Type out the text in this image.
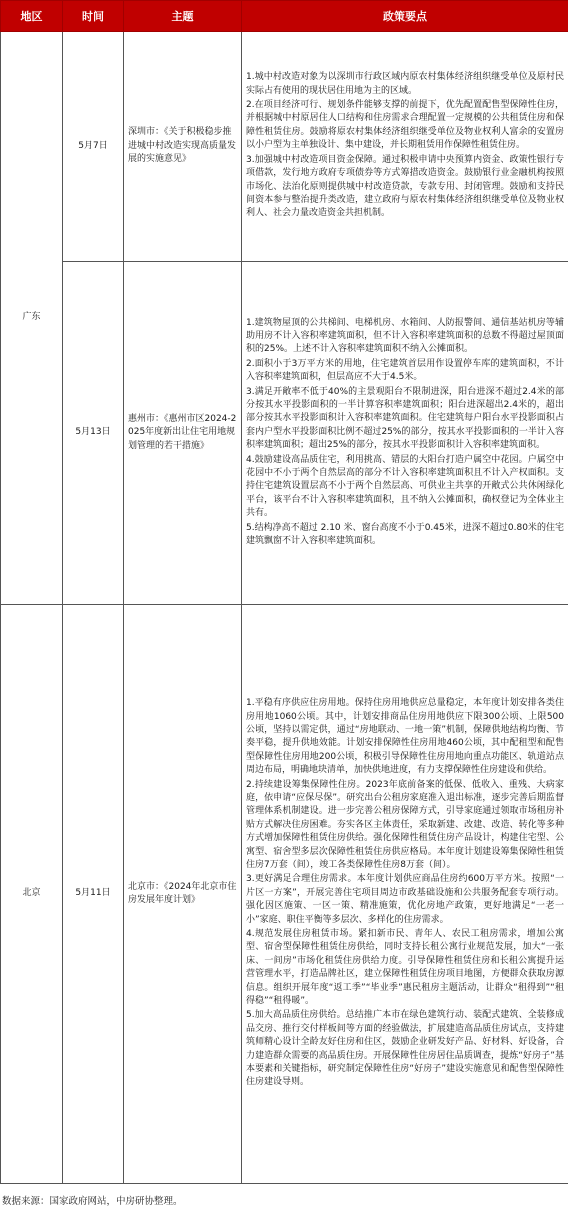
地区	时间	主题	政策要点
广东	5月7日	深圳市：《关于积极稳步推进城中村改造实现高质量发展的实施意见》	1.城中村改造对象为以深圳市行政区域内原农村集体经济组织继受单位及原村民实际占有使用的现状居住用地为主的区域。
2.在项目经济可行、规划条件能够支撑的前提下，优先配置配售型保障性住房，并根据城中村原居住人口结构和住房需求合理配置一定规模的公共租赁住房和保障性租赁住房。鼓励将原农村集体经济组织继受单位及物业权利人富余的安置房以小户型为主单独设计、集中建设，并长期租赁用作保障性租赁住房。
3.加强城中村改造项目资金保障。通过积极申请中央预算内资金、政策性银行专项借款，发行地方政府专项债券等方式筹措改造资金。鼓励银行业金融机构按照市场化、法治化原则提供城中村改造贷款，专款专用、封闭管理。鼓励和支持民间资本参与整治提升类改造，建立政府与原农村集体经济组织继受单位及物业权利人、社会力量改造资金共担机制。

	5月13日	惠州市：《惠州市区2024-2025年度新出让住宅用地规划管理的若干措施》	1.建筑物屋顶的公共梯间、电梯机房、水箱间、人防报警间、通信基站机房等辅助用房不计入容积率建筑面积，但不计入容积率建筑面积的总数不得超过屋顶面积的25%。上述不计入容积率建筑面积不纳入公摊面积。
2.面积小于3万平方米的用地，住宅建筑首层用作设置停车库的建筑面积，不计入容积率建筑面积，但层高应不大于4.5米。
3.满足开敞率不低于40%的主景观阳台不限制进深，阳台进深不超过2.4米的部分按其水平投影面积的一半计算容积率建筑面积；阳台进深超出2.4米的，超出部分按其水平投影面积计入容积率建筑面积。住宅建筑每户阳台水平投影面积占套内户型水平投影面积比例不超过25%的部分，按其水平投影面积的一半计入容积率建筑面积；超出25%的部分，按其水平投影面积计入容积率建筑面积。
4.鼓励建设高品质住宅，利用挑高、错层的大阳台打造户属空中花园。户属空中花园中不小于两个自然层高的部分不计入容积率建筑面积且不计入产权面积。支持住宅建筑设置层高不小于两个自然层高、可供业主共享的开敞式公共休闲绿化平台，该平台不计入容积率建筑面积，且不纳入公摊面积，确权登记为全体业主共有。
5.结构净高不超过 2.10 米、窗台高度不小于0.45米，进深不超过0.80米的住宅建筑飘窗不计入容积率建筑面积。

北京	5月11日	北京市：《2024年北京市住房发展年度计划》	1.平稳有序供应住房用地。保持住房用地供应总量稳定，本年度计划安排各类住房用地1060公顷。其中，计划安排商品住房用地供应下限300公顷、上限500公顷，坚持以需定供，通过“房地联动、一地一策”机制，保障供地结构均衡、节奏平稳，提升供地效能。计划安排保障性住房用地460公顷，其中配租型和配售型保障性住房用地200公顷，积极引导保障性住房用地向重点功能区、轨道站点周边布局，明确地块清单，加快供地进度，有力支撑保障性住房建设和供给。
2.持续建设筹集保障性住房。2023年底前备案的低保、低收入、重残、大病家庭，依申请“应保尽保”。研究出台公租房家庭准入退出标准，逐步完善后期监督管理体系机制建设。进一步完善公租房保障方式，引导家庭通过领取市场租房补贴方式解决住房困难。夯实各区主体责任，采取新建、改建、改造、转化等多种方式增加保障性租赁住房供给。强化保障性租赁住房产品设计，构建住宅型、公寓型、宿舍型多层次保障性租赁住房供应格局。本年度计划建设筹集保障性租赁住房7万套（间），竣工各类保障性住房8万套（间）。
3.更好满足合理住房需求。本年度计划供应商品住房约600万平方米。按照“一片区一方案”，开展完善住宅项目周边市政基础设施和公共服务配套专项行动。强化因区施策、一区一策、精准施策，优化房地产政策，更好地满足“一老一小”家庭、职住平衡等多层次、多样化的住房需求。
4.规范发展住房租赁市场。紧扣新市民、青年人、农民工租房需求，增加公寓型、宿舍型保障性租赁住房供给，同时支持长租公寓行业规范发展，加大“一张床、一间房”市场化租赁住房供给力度。引导保障性租赁住房和长租公寓提升运营管理水平，打造品牌社区，建立保障性租赁住房项目地图，方便群众获取房源信息。组织开展年度“返工季”“毕业季”惠民租房主题活动，让群众“租得到”“租得稳”“租得暖”。
5.加大高品质住房供给。总结推广本市在绿色建筑行动、装配式建筑、全装修成品交房、推行交付样板间等方面的经验做法，扩展建造高品质住房试点，支持建筑师精心设计全龄友好住房和住区，鼓励企业研发好产品、好材料、好设备，合力建造群众需要的高品质住房。开展保障性住房居住品质调查，提炼“好房子”基本要素和关键指标，研究制定保障性住房“好房子”建设实施意见和配售型保障性住房建设导则。
数据来源：国家政府网站，中房研协整理。
